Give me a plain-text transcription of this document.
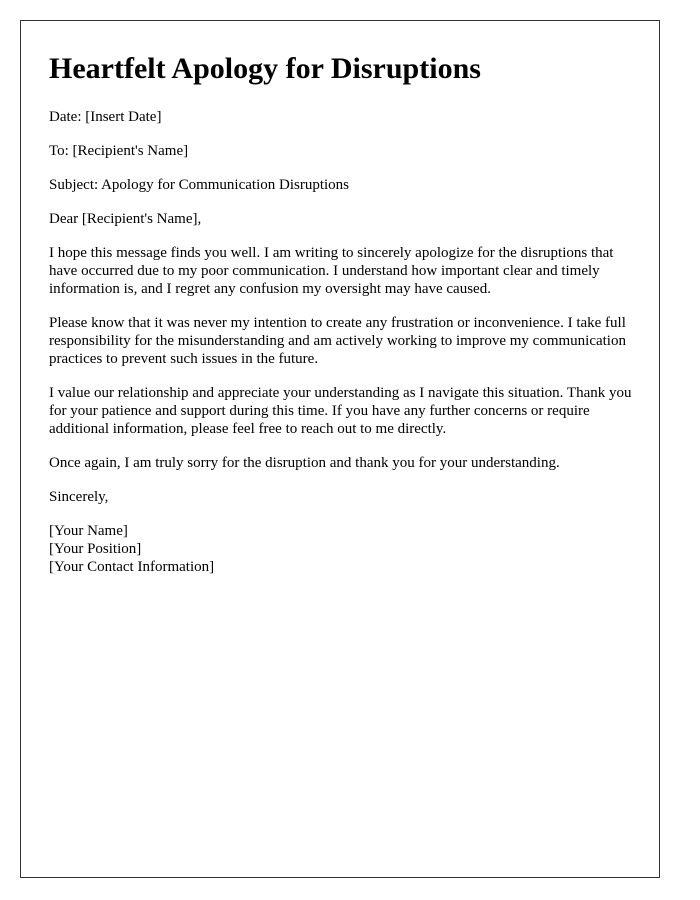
Heartfelt Apology for Disruptions

Date: [Insert Date]

To: [Recipient's Name]

Subject: Apology for Communication Disruptions

Dear [Recipient's Name],

I hope this message finds you well. I am writing to sincerely apologize for the disruptions that have occurred due to my poor communication. I understand how important clear and timely information is, and I regret any confusion my oversight may have caused.

Please know that it was never my intention to create any frustration or inconvenience. I take full responsibility for the misunderstanding and am actively working to improve my communication practices to prevent such issues in the future.

I value our relationship and appreciate your understanding as I navigate this situation. Thank you for your patience and support during this time. If you have any further concerns or require additional information, please feel free to reach out to me directly.

Once again, I am truly sorry for the disruption and thank you for your understanding.

Sincerely,

[Your Name]
[Your Position]
[Your Contact Information]
